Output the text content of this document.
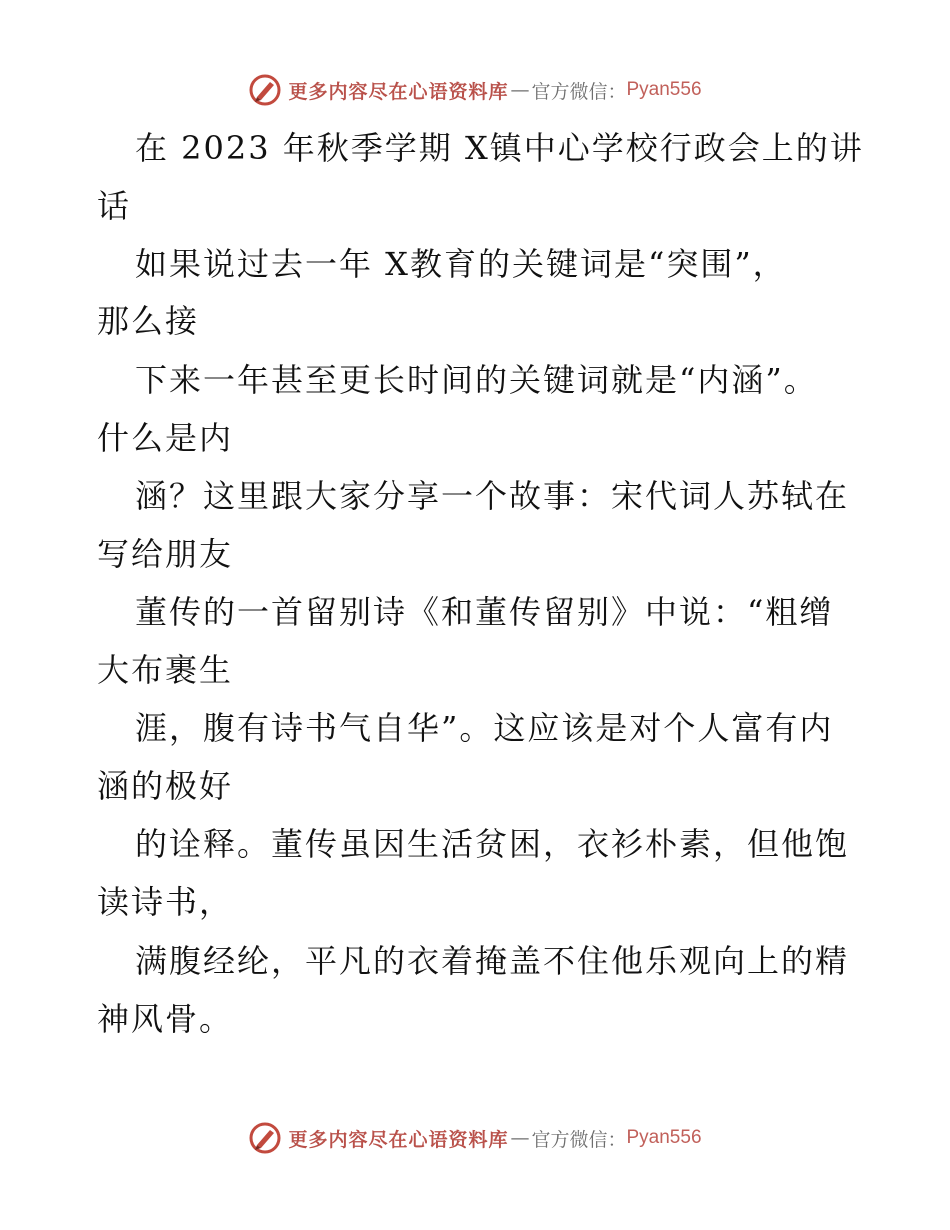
更多内容尽在心语资料库 — 官方微信： Pyan556
在 2023 年秋季学期 X镇中心学校行政会上的讲
话
如果说过去一年 X教育的关键词是“突围”，
那么接
下来一年甚至更长时间的关键词就是“内涵”。
什么是内
涵？这里跟大家分享一个故事：宋代词人苏轼在
写给朋友
董传的一首留别诗《和董传留别》中说：“粗缯
大布裹生
涯，腹有诗书气自华”。这应该是对个人富有内
涵的极好
的诠释。董传虽因生活贫困，衣衫朴素，但他饱
读诗书，
满腹经纶，平凡的衣着掩盖不住他乐观向上的精
神风骨。
更多内容尽在心语资料库 — 官方微信： Pyan556
